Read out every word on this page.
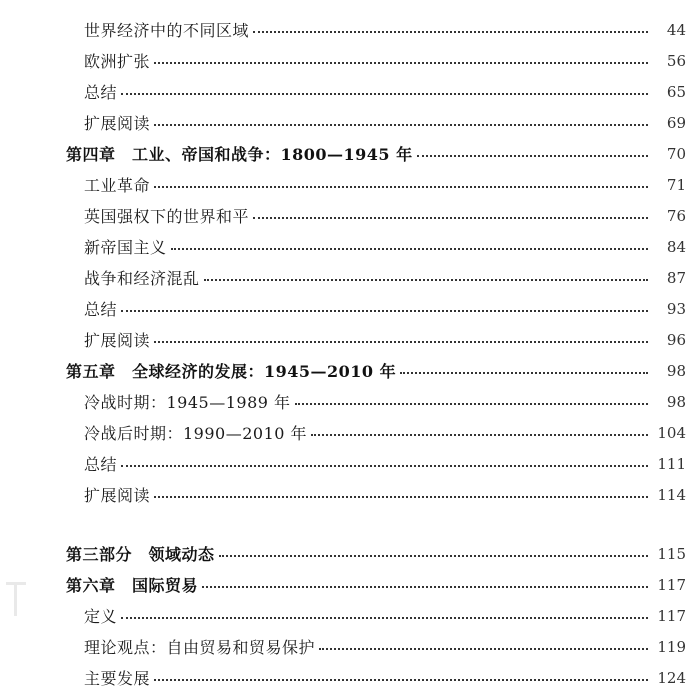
世界经济中的不同区域	44
欧洲扩张	56
总结	65
扩展阅读	69
第四章　工业、帝国和战争：1800—1945 年	70
工业革命	71
英国强权下的世界和平	76
新帝国主义	84
战争和经济混乱	87
总结	93
扩展阅读	96
第五章　全球经济的发展：1945—2010 年	98
冷战时期：1945—1989 年	98
冷战后时期：1990—2010 年	104
总结	111
扩展阅读	114
第三部分　领域动态	115
第六章　国际贸易	117
定义	117
理论观点：自由贸易和贸易保护	119
主要发展	124
